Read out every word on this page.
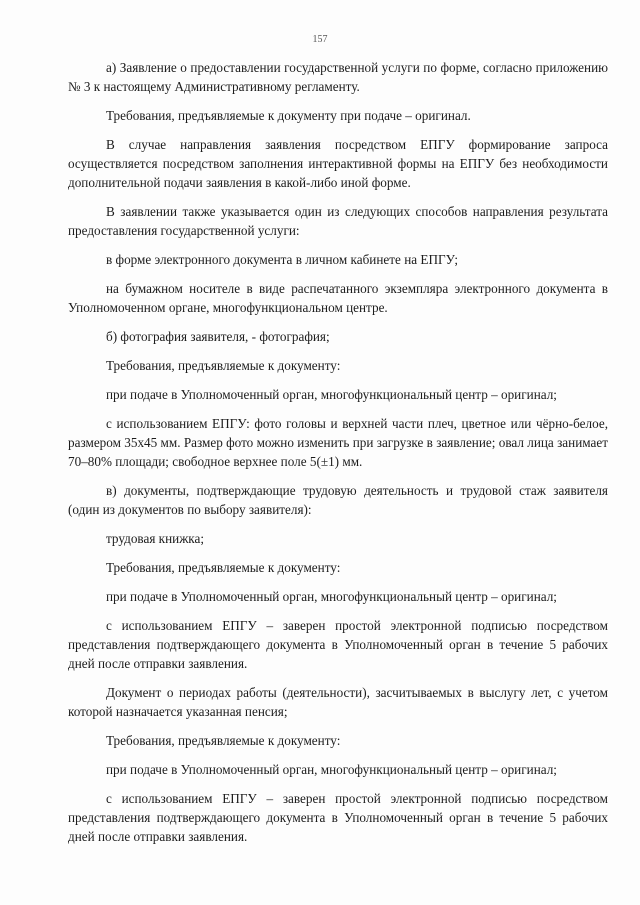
157

а) Заявление о предоставлении государственной услуги по форме, согласно приложению № 3 к настоящему Административному регламенту.

Требования, предъявляемые к документу при подаче – оригинал.

В случае направления заявления посредством ЕПГУ формирование запроса осуществляется посредством заполнения интерактивной формы на ЕПГУ без необходимости дополнительной подачи заявления в какой-либо иной форме.

В заявлении также указывается один из следующих способов направления результата предоставления государственной услуги:

в форме электронного документа в личном кабинете на ЕПГУ;

на бумажном носителе в виде распечатанного экземпляра электронного документа в Уполномоченном органе, многофункциональном центре.

б) фотография заявителя, - фотография;

Требования, предъявляемые к документу:

при подаче в Уполномоченный орган, многофункциональный центр – оригинал;

с использованием ЕПГУ: фото головы и верхней части плеч, цветное или чёрно-белое, размером 35х45 мм. Размер фото можно изменить при загрузке в заявление; овал лица занимает 70–80% площади; свободное верхнее поле 5(±1) мм.

в) документы, подтверждающие трудовую деятельность и трудовой стаж заявителя (один из документов по выбору заявителя):

трудовая книжка;

Требования, предъявляемые к документу:

при подаче в Уполномоченный орган, многофункциональный центр – оригинал;

с использованием ЕПГУ – заверен простой электронной подписью посредством представления подтверждающего документа в Уполномоченный орган в течение 5 рабочих дней после отправки заявления.

Документ о периодах работы (деятельности), засчитываемых в выслугу лет, с учетом которой назначается указанная пенсия;

Требования, предъявляемые к документу:

при подаче в Уполномоченный орган, многофункциональный центр – оригинал;

с использованием ЕПГУ – заверен простой электронной подписью посредством представления подтверждающего документа в Уполномоченный орган в течение 5 рабочих дней после отправки заявления.
